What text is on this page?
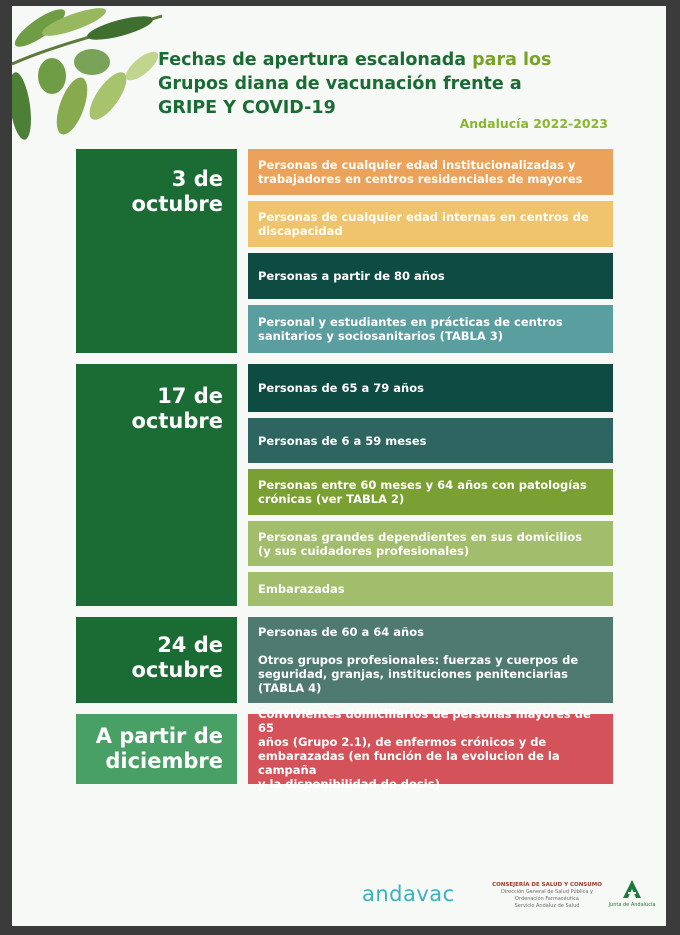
Fechas de apertura escalonada para los
Grupos diana de vacunación frente a
GRIPE Y COVID-19
Andalucía 2022-2023
3 de
octubre
Personas de cualquier edad institucionalizadas y
trabajadores en centros residenciales de mayores
Personas de cualquier edad internas en centros de
discapacidad
Personas a partir de 80 años
Personal y estudiantes en prácticas de centros
sanitarios y sociosanitarios (TABLA 3)
17 de
octubre
Personas de 65 a 79 años
Personas de 6 a 59 meses
Personas entre 60 meses y 64 años con patologías
crónicas (ver TABLA 2)
Personas grandes dependientes en sus domicilios
(y sus cuidadores profesionales)
Embarazadas
24 de
octubre
Personas de 60 a 64 años

Otros grupos profesionales: fuerzas y cuerpos de
seguridad, granjas, instituciones penitenciarias
(TABLA 4)
A partir de
diciembre
Convivientes domiciliarios de personas mayores de 65
años (Grupo 2.1), de enfermos crónicos y de
embarazadas (en función de la evolucion de la campaña
y la disponibilidad de dosis)
andavac	CONSEJERÍA DE SALUD Y CONSUMO
Dirección General de Salud Pública y Ordenación Farmacéutica
Servicio Andaluz de Salud	Junta de Andalucía
